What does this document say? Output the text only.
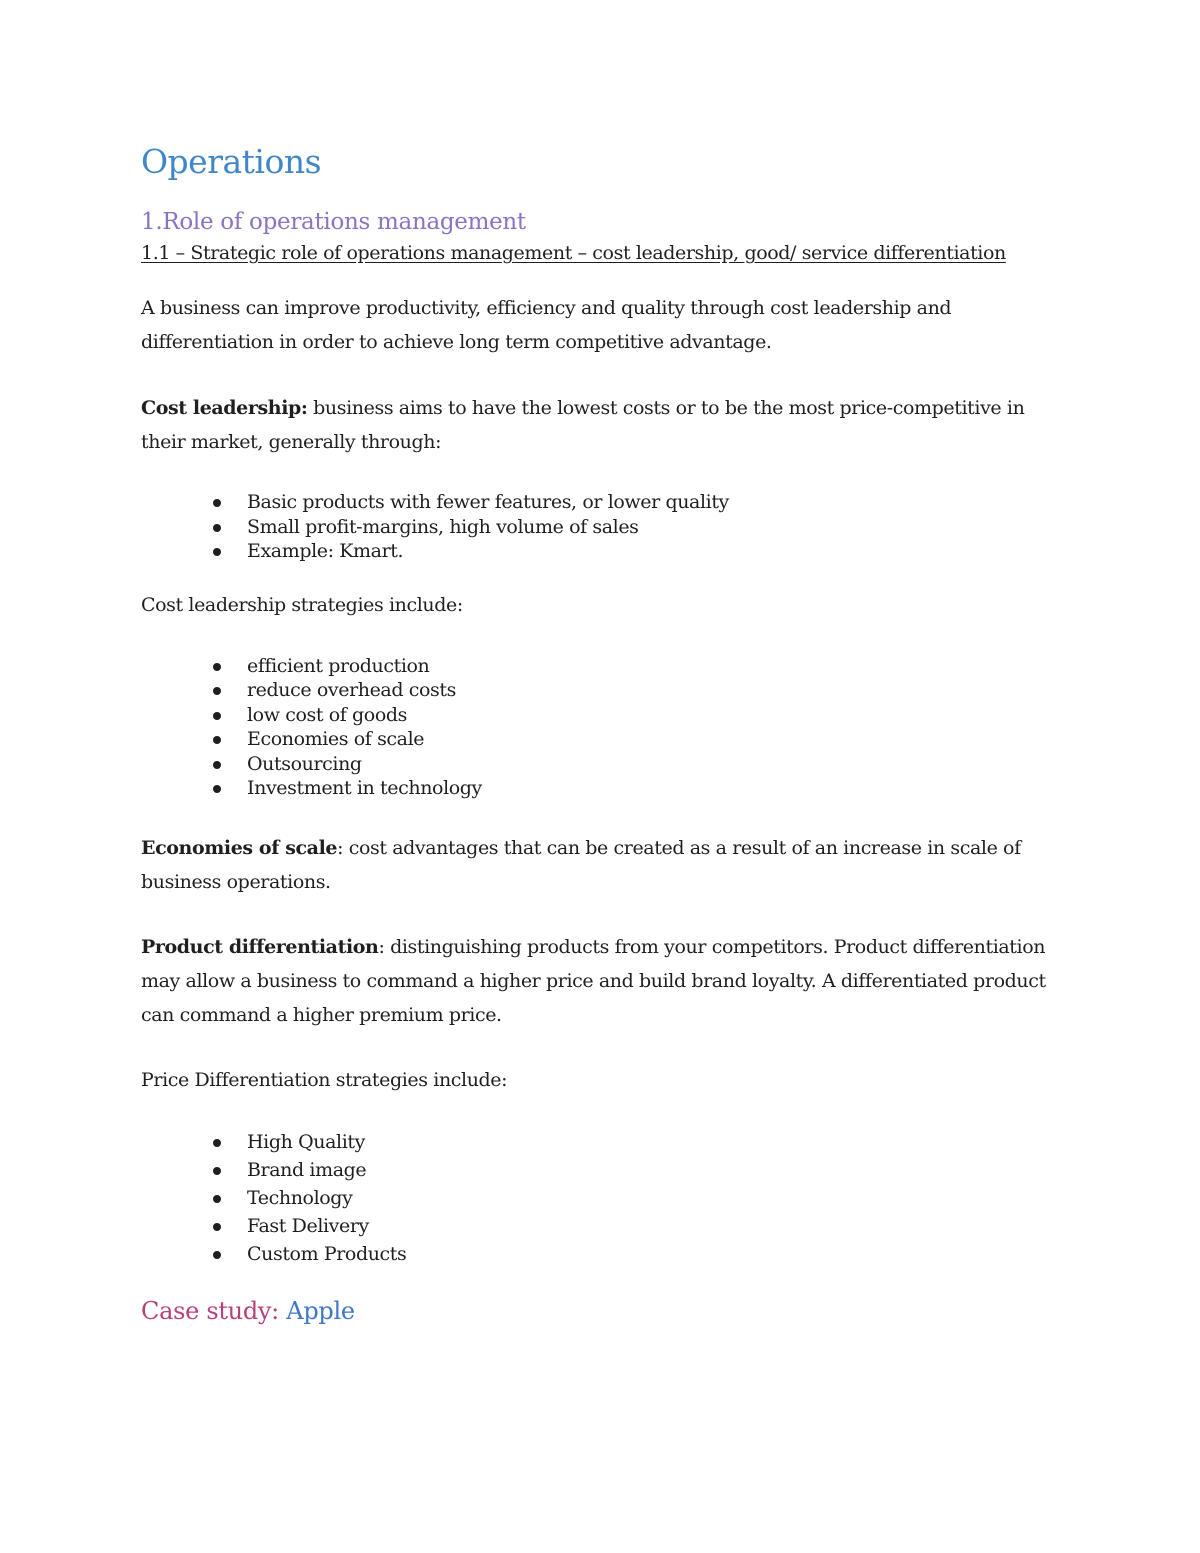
Operations
1.Role of operations management

1.1 – Strategic role of operations management – cost leadership, good/ service differentiation

A business can improve productivity, efficiency and quality through cost leadership and differentiation in order to achieve long term competitive advantage.

Cost leadership: business aims to have the lowest costs or to be the most price-competitive in their market, generally through:

Basic products with fewer features, or lower quality
Small profit-margins, high volume of sales
Example: Kmart.

Cost leadership strategies include:

efficient production
reduce overhead costs
low cost of goods
Economies of scale
Outsourcing
Investment in technology

Economies of scale: cost advantages that can be created as a result of an increase in scale of business operations.

Product differentiation: distinguishing products from your competitors. Product differentiation may allow a business to command a higher price and build brand loyalty. A differentiated product can command a higher premium price.

Price Differentiation strategies include:

High Quality
Brand image
Technology
Fast Delivery
Custom Products
Case study: Apple
